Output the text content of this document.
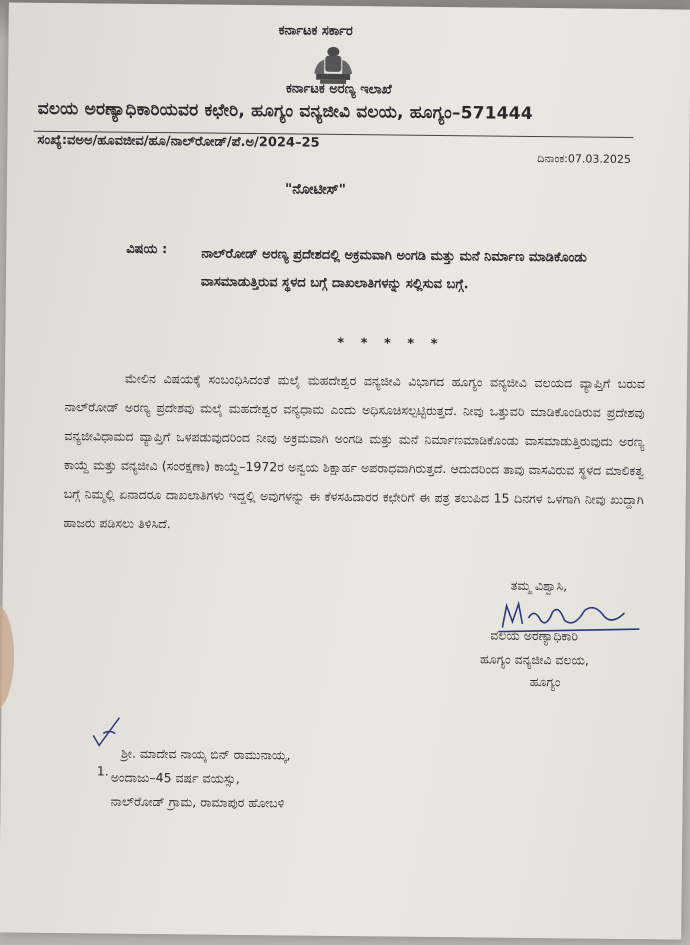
ಕರ್ನಾಟಕ ಸರ್ಕಾರ
ಕರ್ನಾಟಕ ಅರಣ್ಯ ಇಲಾಖೆ
ವಲಯ ಅರಣ್ಯಾಧಿಕಾರಿಯವರ ಕಛೇರಿ, ಹೂಗ್ಯಂ ವನ್ಯಜೀವಿ ವಲಯ, ಹೂಗ್ಯಂ–571444
ಸಂಖ್ಯೆ:ವಅಅ/ಹೂವಜೀವ/ಹೂ/ನಾಲ್‌ರೋಡ್/ಪೆ.ಅ/2024–25
ದಿನಾಂಕ:07.03.2025
"ನೋಟೀಸ್"
ವಿಷಯ :	ನಾಲ್‌ರೋಡ್ ಅರಣ್ಯ ಪ್ರದೇಶದಲ್ಲಿ ಅಕ್ರಮವಾಗಿ ಅಂಗಡಿ ಮತ್ತು ಮನೆ ನಿರ್ಮಾಣ ಮಾಡಿಕೊಂಡು ವಾಸಮಾಡುತ್ತಿರುವ ಸ್ಥಳದ ಬಗ್ಗೆ ದಾಖಲಾತಿಗಳನ್ನು ಸಲ್ಲಿಸುವ ಬಗ್ಗೆ.
* * * * *
ಮೇಲಿನ ವಿಷಯಕ್ಕೆ ಸಂಬಂಧಿಸಿದಂತೆ ಮಲೈ ಮಹದೇಶ್ವರ ವನ್ಯಜೀವಿ ವಿಭಾಗದ ಹೂಗ್ಯಂ ವನ್ಯಜೀವಿ ವಲಯದ ವ್ಯಾಪ್ತಿಗೆ ಬರುವ ನಾಲ್‌ರೋಡ್ ಅರಣ್ಯ ಪ್ರದೇಶವು ಮಲೈ ಮಹದೇಶ್ವರ ವನ್ಯಧಾಮ ಎಂದು ಅಧಿಸೂಚಿಸಲ್ಪಟ್ಟಿರುತ್ತದೆ. ನೀವು ಒತ್ತುವರಿ ಮಾಡಿಕೊಂಡಿರುವ ಪ್ರದೇಶವು ವನ್ಯಜೀವಿಧಾಮದ ವ್ಯಾಪ್ತಿಗೆ ಒಳಪಡುವುದರಿಂದ ನೀವು ಅಕ್ರಮವಾಗಿ ಅಂಗಡಿ ಮತ್ತು ಮನೆ ನಿರ್ಮಾಣಮಾಡಿಕೊಂಡು ವಾಸಮಾಡುತ್ತಿರುವುದು ಅರಣ್ಯ ಕಾಯ್ದೆ ಮತ್ತು ವನ್ಯಜೀವಿ (ಸಂರಕ್ಷಣಾ) ಕಾಯ್ದೆ–1972ರ ಅನ್ವಯ ಶಿಕ್ಷಾರ್ಹ ಅಪರಾಧವಾಗಿರುತ್ತದೆ. ಆದುದರಿಂದ ತಾವು ವಾಸವಿರುವ ಸ್ಥಳದ ಮಾಲಿಕತ್ವ ಬಗ್ಗೆ ನಿಮ್ಮಲ್ಲಿ ಏನಾದರೂ ದಾಖಲಾತಿಗಳು ಇದ್ದಲ್ಲಿ ಅವುಗಳನ್ನು ಈ ಕೆಳಸಹಿದಾರರ ಕಛೇರಿಗೆ ಈ ಪತ್ರ ತಲುಪಿದ 15 ದಿನಗಳ ಒಳಗಾಗಿ ನೀವು ಖುದ್ದಾಗಿ ಹಾಜರು ಪಡಿಸಲು ತಿಳಿಸಿದೆ.
ತಮ್ಮ ವಿಶ್ವಾಸಿ,
ವಲಯ ಅರಣ್ಯಾಧಿಕಾರಿ
ಹೂಗ್ಯಂ ವನ್ಯಜೀವಿ ವಲಯ,
ಹೂಗ್ಯಂ
1.
ಶ್ರೀ. ಮಾದೇವ ನಾಯ್ಕ ಬಿನ್ ರಾಮುನಾಯ್ಕ,
ಅಂದಾಜು–45 ವರ್ಷ ವಯಸ್ಸು,
ನಾಲ್‌ರೋಡ್ ಗ್ರಾಮ, ರಾಮಾಪುರ ಹೋಬಳಿ
